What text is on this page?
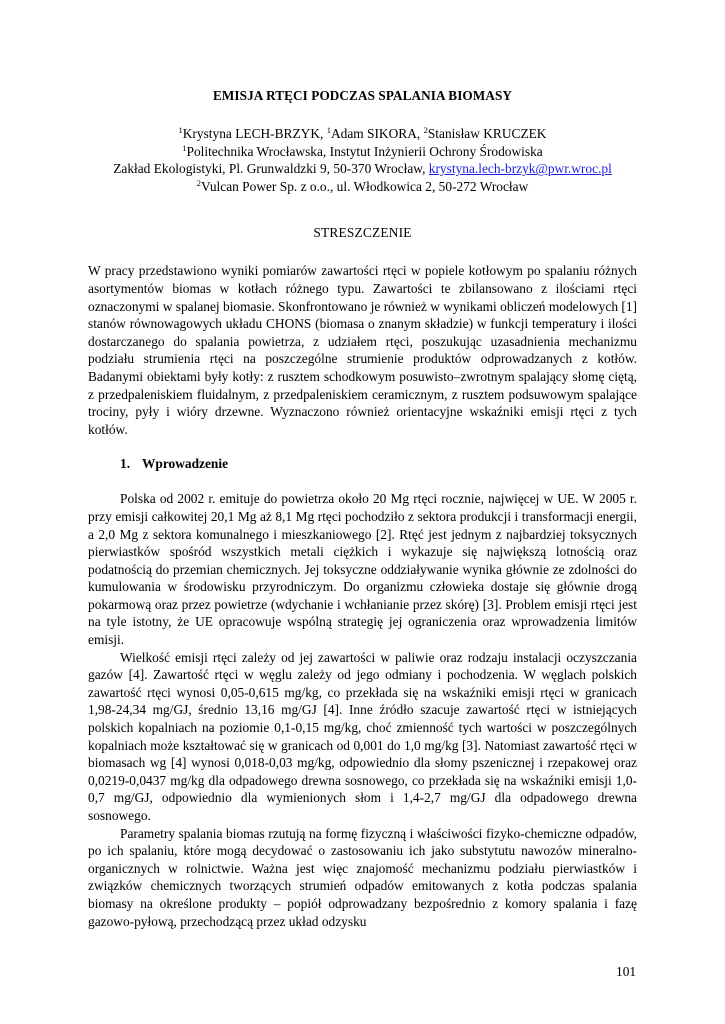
EMISJA RTĘCI PODCZAS SPALANIA BIOMASY
$^1$Krystyna LECH-BRZYK, $^1$Adam SIKORA, $^2$Stanisław KRUCZEK
$^1$Politechnika Wrocławska, Instytut Inżynierii Ochrony Środowiska
Zakład Ekologistyki, Pl. Grunwaldzki 9, 50-370 Wrocław, krystyna.lech-brzyk@pwr.wroc.pl
$^2$Vulcan Power Sp. z o.o., ul. Włodkowica 2, 50-272 Wrocław
STRESZCZENIE
W pracy przedstawiono wyniki pomiarów zawartości rtęci w popiele kotłowym po spalaniu różnych asortymentów biomas w kotłach różnego typu. Zawartości te zbilansowano z ilościami rtęci oznaczonymi w spalanej biomasie. Skonfrontowano je również w wynikami obliczeń modelowych [1] stanów równowagowych układu CHONS (biomasa o znanym składzie) w funkcji temperatury i ilości dostarczanego do spalania powietrza, z udziałem rtęci, poszukując uzasadnienia mechanizmu podziału strumienia rtęci na poszczególne strumienie produktów odprowadzanych z kotłów. Badanymi obiektami były kotły: z rusztem schodkowym posuwisto–zwrotnym spalający słomę ciętą, z przedpaleniskiem fluidalnym, z przedpaleniskiem ceramicznym, z rusztem podsuwowym spalające trociny, pyły i wióry drzewne. Wyznaczono również orientacyjne wskaźniki emisji rtęci z tych kotłów.
1. Wprowadzenie

Polska od 2002 r. emituje do powietrza około 20 Mg rtęci rocznie, najwięcej w UE. W 2005 r. przy emisji całkowitej 20,1 Mg aż 8,1 Mg rtęci pochodziło z sektora produkcji i transformacji energii, a 2,0 Mg z sektora komunalnego i mieszkaniowego [2]. Rtęć jest jednym z najbardziej toksycznych pierwiastków spośród wszystkich metali ciężkich i wykazuje się największą lotnością oraz podatnością do przemian chemicznych. Jej toksyczne oddziaływanie wynika głównie ze zdolności do kumulowania w środowisku przyrodniczym. Do organizmu człowieka dostaje się głównie drogą pokarmową oraz przez powietrze (wdychanie i wchłanianie przez skórę) [3]. Problem emisji rtęci jest na tyle istotny, że UE opracowuje wspólną strategię jej ograniczenia oraz wprowadzenia limitów emisji.

Wielkość emisji rtęci zależy od jej zawartości w paliwie oraz rodzaju instalacji oczyszczania gazów [4]. Zawartość rtęci w węglu zależy od jego odmiany i pochodzenia. W węglach polskich zawartość rtęci wynosi 0,05-0,615 mg/kg, co przekłada się na wskaźniki emisji rtęci w granicach 1,98-24,34 mg/GJ, średnio 13,16 mg/GJ [4]. Inne źródło szacuje zawartość rtęci w istniejących polskich kopalniach na poziomie 0,1-0,15 mg/kg, choć zmienność tych wartości w poszczególnych kopalniach może kształtować się w granicach od 0,001 do 1,0 mg/kg [3]. Natomiast zawartość rtęci w biomasach wg [4] wynosi 0,018-0,03 mg/kg, odpowiednio dla słomy pszenicznej i rzepakowej oraz 0,0219-0,0437 mg/kg dla odpadowego drewna sosnowego, co przekłada się na wskaźniki emisji 1,0-0,7 mg/GJ, odpowiednio dla wymienionych słom i 1,4-2,7 mg/GJ dla odpadowego drewna sosnowego.

Parametry spalania biomas rzutują na formę fizyczną i właściwości fizyko-chemiczne odpadów, po ich spalaniu, które mogą decydować o zastosowaniu ich jako substytutu nawozów mineralno-organicznych w rolnictwie. Ważna jest więc znajomość mechanizmu podziału pierwiastków i związków chemicznych tworzących strumień odpadów emitowanych z kotła podczas spalania biomasy na określone produkty – popiół odprowadzany bezpośrednio z komory spalania i fazę gazowo-pyłową, przechodzącą przez układ odzysku

101
